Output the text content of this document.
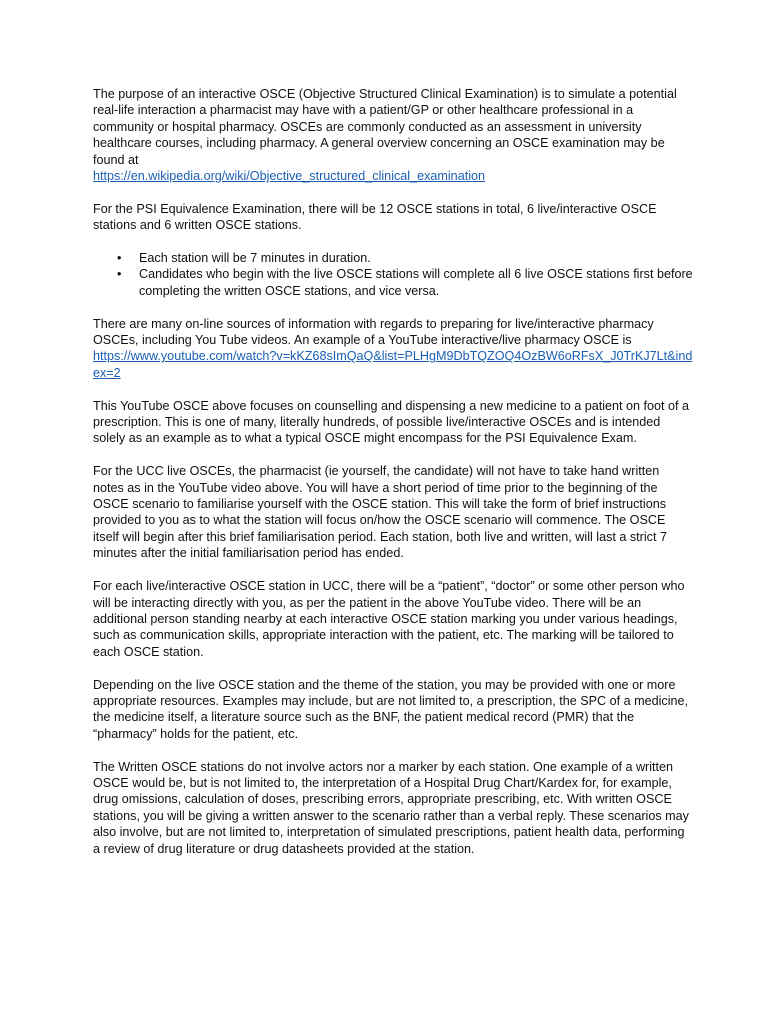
The purpose of an interactive OSCE (Objective Structured Clinical Examination) is to simulate a potential real-life interaction a pharmacist may have with a patient/GP or other healthcare professional in a community or hospital pharmacy. OSCEs are commonly conducted as an assessment in university healthcare courses, including pharmacy. A general overview concerning an OSCE examination may be found at
https://en.wikipedia.org/wiki/Objective_structured_clinical_examination

For the PSI Equivalence Examination, there will be 12 OSCE stations in total, 6 live/interactive OSCE stations and 6 written OSCE stations.

• Each station will be 7 minutes in duration.
• Candidates who begin with the live OSCE stations will complete all 6 live OSCE stations first before completing the written OSCE stations, and vice versa.

There are many on-line sources of information with regards to preparing for live/interactive pharmacy OSCEs, including You Tube videos. An example of a YouTube interactive/live pharmacy OSCE is
https://www.youtube.com/watch?v=kKZ68sImQaQ&list=PLHgM9DbTQZOQ4OzBW6oRFsX_J0TrKJ7Lt&index=2

This YouTube OSCE above focuses on counselling and dispensing a new medicine to a patient on foot of a prescription. This is one of many, literally hundreds, of possible live/interactive OSCEs and is intended solely as an example as to what a typical OSCE might encompass for the PSI Equivalence Exam.

For the UCC live OSCEs, the pharmacist (ie yourself, the candidate) will not have to take hand written notes as in the YouTube video above. You will have a short period of time prior to the beginning of the OSCE scenario to familiarise yourself with the OSCE station. This will take the form of brief instructions provided to you as to what the station will focus on/how the OSCE scenario will commence. The OSCE itself will begin after this brief familiarisation period. Each station, both live and written, will last a strict 7 minutes after the initial familiarisation period has ended.

For each live/interactive OSCE station in UCC, there will be a “patient”, “doctor” or some other person who will be interacting directly with you, as per the patient in the above YouTube video. There will be an additional person standing nearby at each interactive OSCE station marking you under various headings, such as communication skills, appropriate interaction with the patient, etc. The marking will be tailored to each OSCE station.

Depending on the live OSCE station and the theme of the station, you may be provided with one or more appropriate resources. Examples may include, but are not limited to, a prescription, the SPC of a medicine, the medicine itself, a literature source such as the BNF, the patient medical record (PMR) that the “pharmacy” holds for the patient, etc.

The Written OSCE stations do not involve actors nor a marker by each station. One example of a written OSCE would be, but is not limited to, the interpretation of a Hospital Drug Chart/Kardex for, for example, drug omissions, calculation of doses, prescribing errors, appropriate prescribing, etc. With written OSCE stations, you will be giving a written answer to the scenario rather than a verbal reply. These scenarios may also involve, but are not limited to, interpretation of simulated prescriptions, patient health data, performing a review of drug literature or drug datasheets provided at the station.
